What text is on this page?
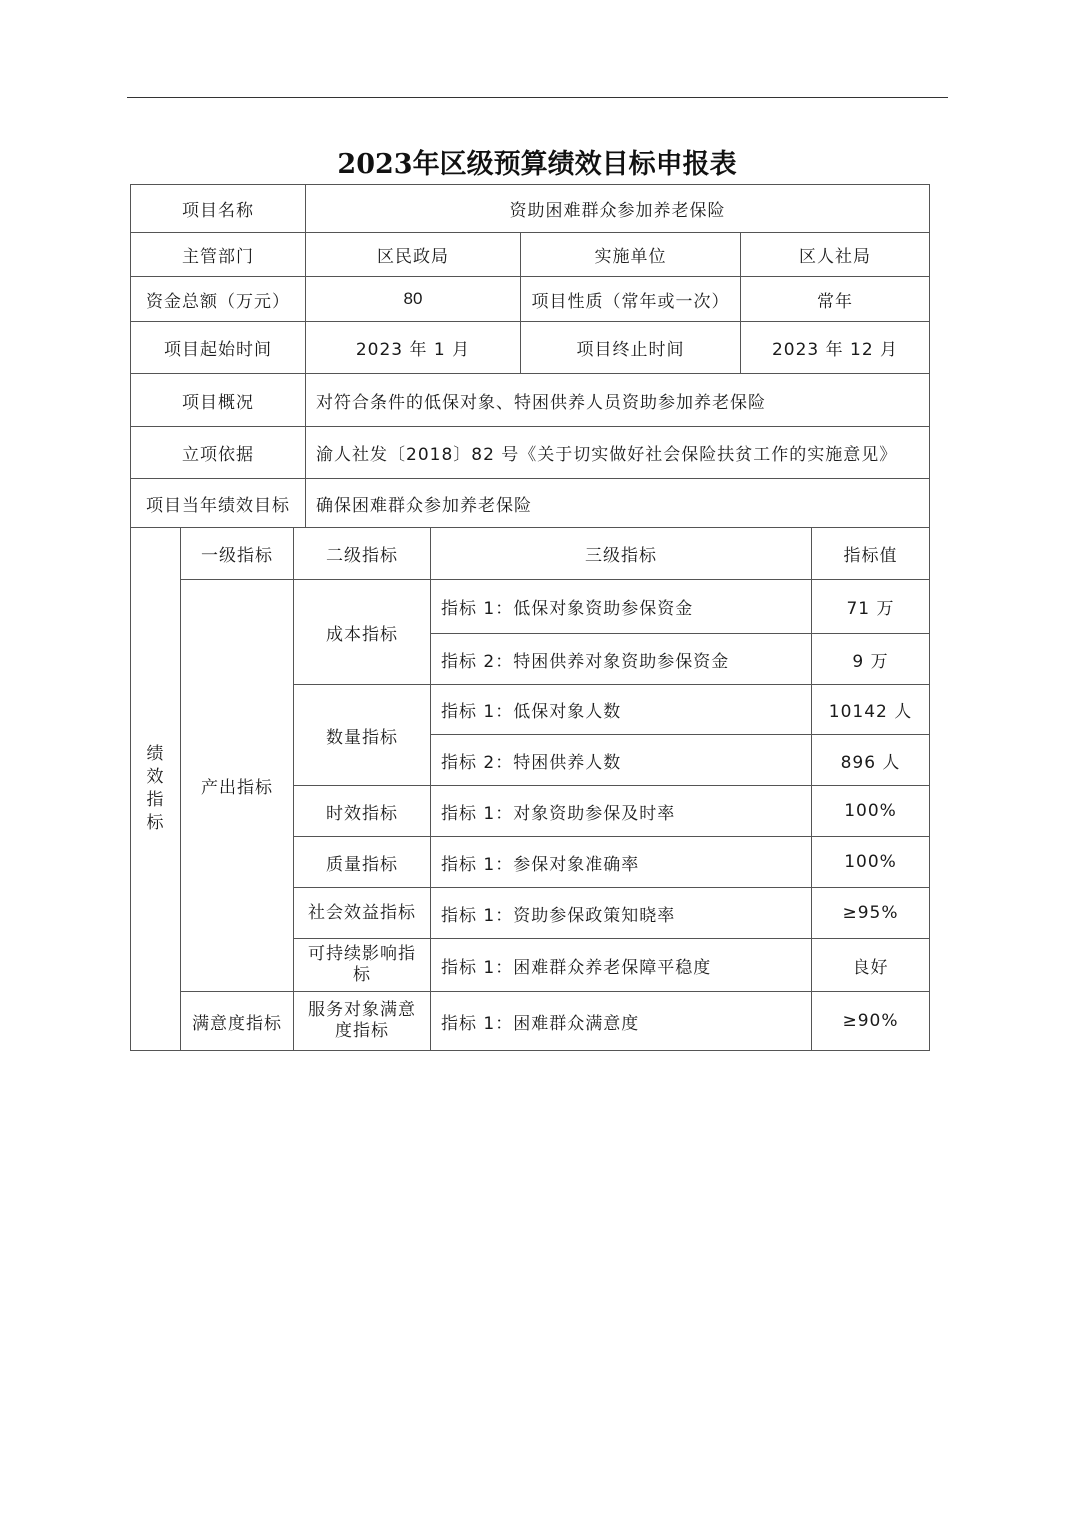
2023年区级预算绩效目标申报表
项目名称	资助困难群众参加养老保险		
主管部门	区民政局	实施单位	区人社局
资金总额（万元）	80	项目性质（常年或一次）	常年
项目起始时间	2023 年 1 月	项目终止时间	2023 年 12 月
项目概况	对符合条件的低保对象、特困供养人员资助参加养老保险		
立项依据	渝人社发〔2018〕82 号《关于切实做好社会保险扶贫工作的实施意见》		
项目当年绩效目标	确保困难群众参加养老保险		
绩效指标	一级指标	二级指标	三级指标	指标值
	产出指标	成本指标	指标 1：低保对象资助参保资金	71 万
			指标 2：特困供养对象资助参保资金	9 万
		数量指标	指标 1：低保对象人数	10142 人
			指标 2：特困供养人数	896 人
		时效指标	指标 1：对象资助参保及时率	100%
		质量指标	指标 1：参保对象准确率	100%
		社会效益指标	指标 1：资助参保政策知晓率	≥95%
		可持续影响指标	指标 1：困难群众养老保障平稳度	良好
	满意度指标	服务对象满意度指标	指标 1：困难群众满意度	≥90%
